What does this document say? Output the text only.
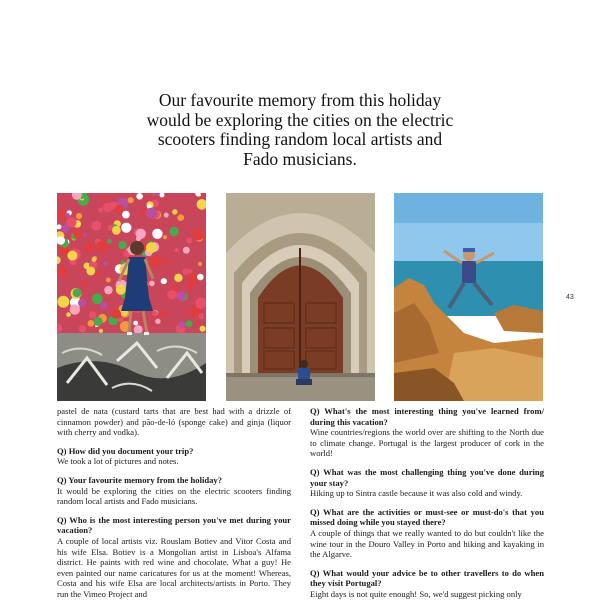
Our favourite memory from this holiday
would be exploring the cities on the electric
scooters finding random local artists and
Fado musicians.
43

pastel de nata (custard tarts that are best had with a drizzle of cinnamon powder) and pão-de-ló (sponge cake) and ginja (liquor with cherry and vodka).

Q) How did you document your trip?
We took a lot of pictures and notes.

Q) Your favourite memory from the holiday?
It would be exploring the cities on the electric scooters finding random local artists and Fado musicians.

Q) Who is the most interesting person you've met during your vacation?
A couple of local artists viz. Rouslam Botiev and Vitor Costa and his wife Elsa. Botiev is a Mongolian artist in Lisboa's Alfama district. He paints with red wine and chocolate. What a guy! He even painted our name caricatures for us at the moment! Whereas, Costa and his wife Elsa are local architects/artists in Porto. They run the Vimeo Project and

Q) What's the most interesting thing you've learned from/ during this vacation?
Wine countries/regions the world over are shifting to the North due to climate change. Portugal is the largest producer of cork in the world!

Q) What was the most challenging thing you've done during your stay?
Hiking up to Sintra castle because it was also cold and windy.

Q) What are the activities or must-see or must-do's that you missed doing while you stayed there?
A couple of things that we really wanted to do but couldn't like the wine tour in the Douro Valley in Porto and hiking and kayaking in the Algarve.

Q) What would your advice be to other travellers to do when they visit Portugal?
Eight days is not quite enough! So, we'd suggest picking only
